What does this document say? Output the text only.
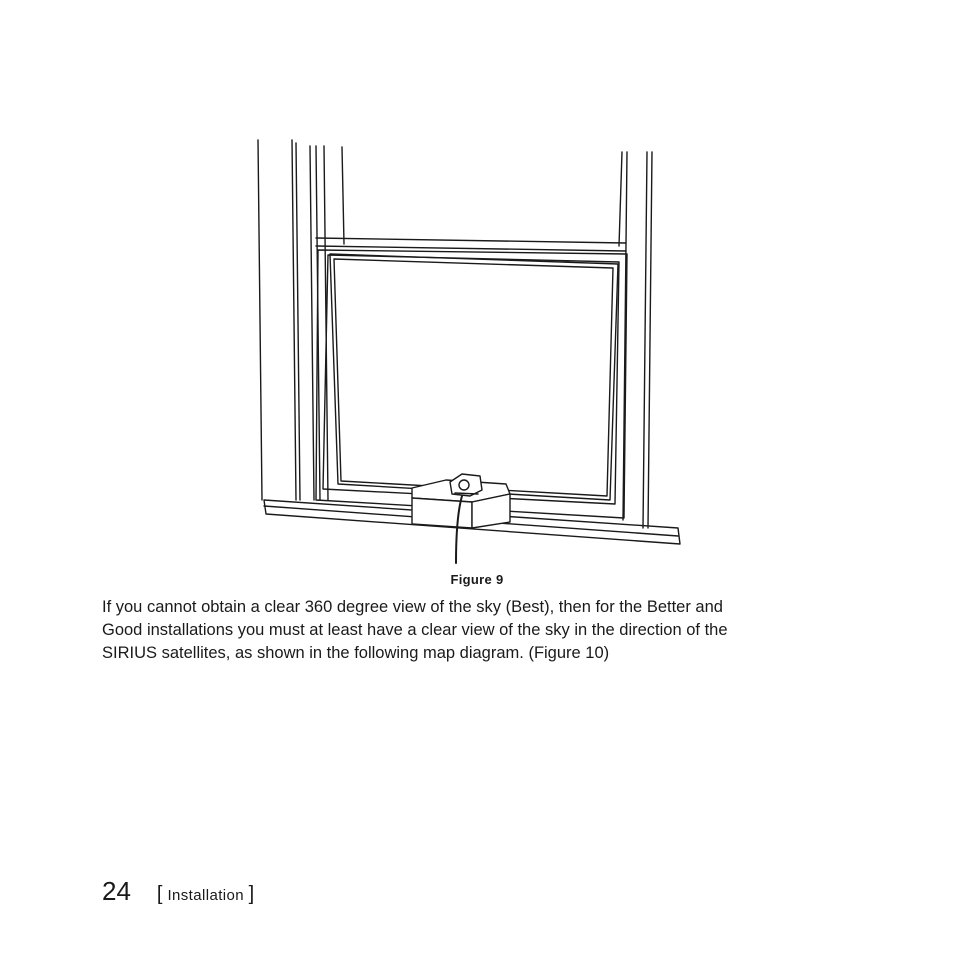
Figure 9
If you cannot obtain a clear 360 degree view of the sky (Best), then for the Better and
Good installations you must at least have a clear view of the sky in the direction of the
SIRIUS satellites, as shown in the following map diagram. (Figure 10)
24 [ Installation ]
